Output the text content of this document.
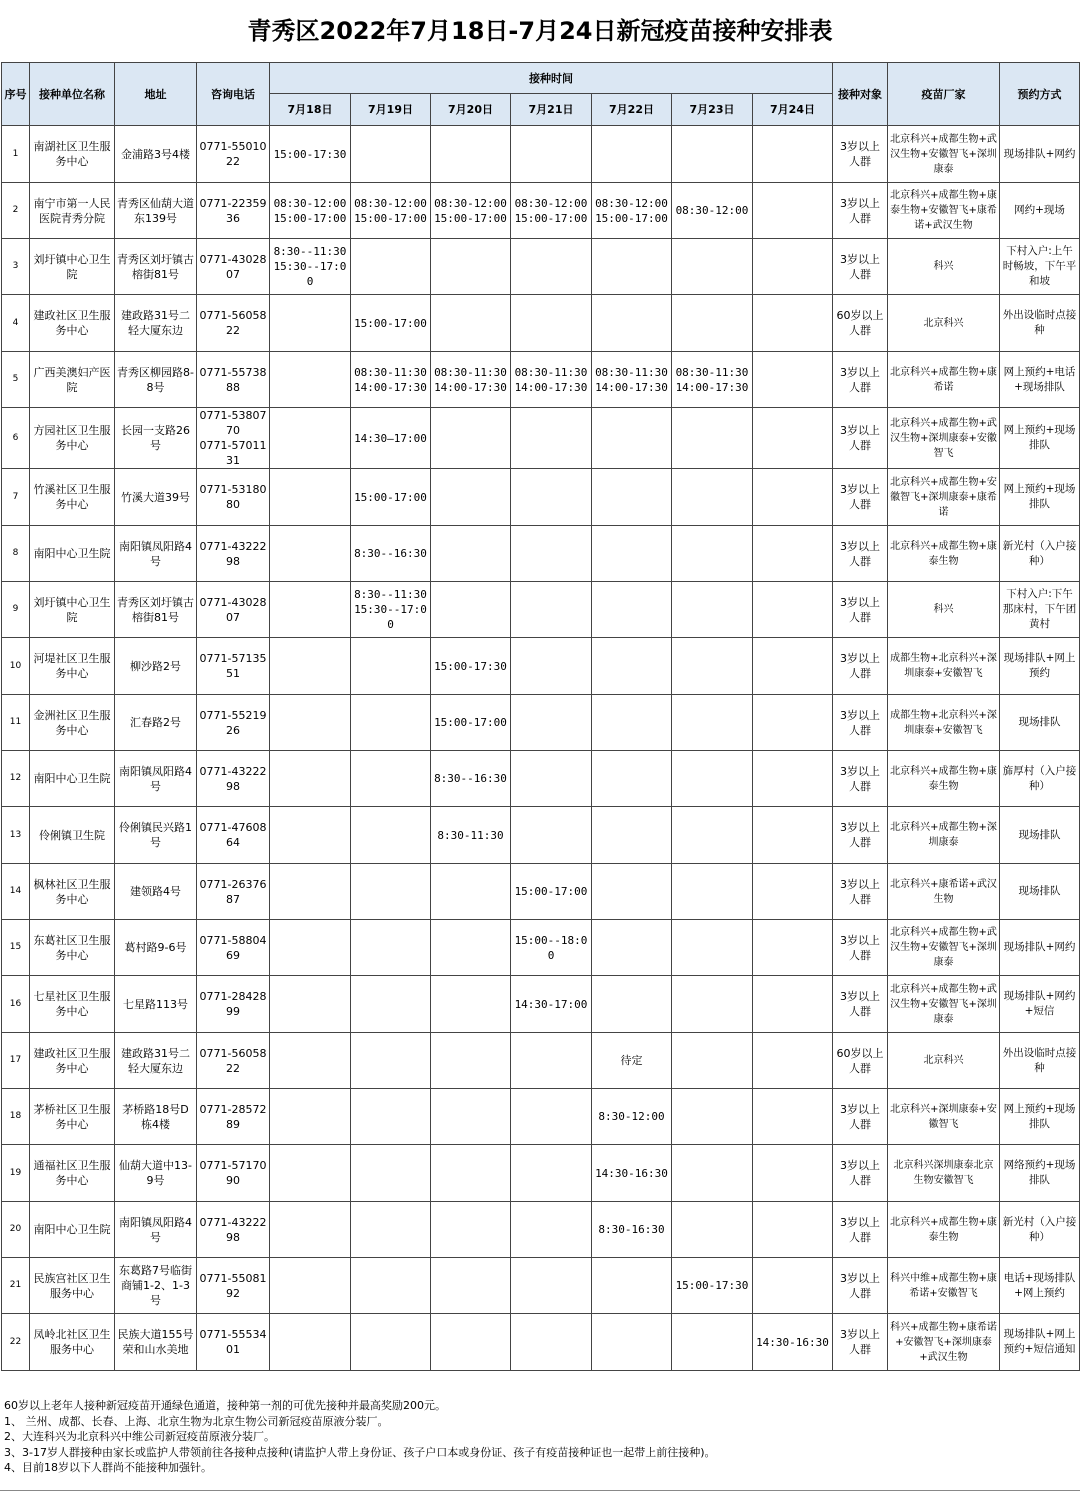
青秀区2022年7月18日-7月24日新冠疫苗接种安排表
序号	接种单位名称	地址	咨询电话	接种时间							接种对象	疫苗厂家	预约方式
				7月18日	7月19日	7月20日	7月21日	7月22日	7月23日	7月24日			
1	南湖社区卫生服务中心	金浦路3号4楼	0771-5501022	15:00-17:30							3岁以上人群	北京科兴+成都生物+武汉生物+安徽智飞+深圳康泰	现场排队+网约
2	南宁市第一人民医院青秀分院	青秀区仙葫大道东139号	0771-2235936	08:30-12:00
15:00-17:00	08:30-12:00
15:00-17:00	08:30-12:00
15:00-17:00	08:30-12:00
15:00-17:00	08:30-12:00
15:00-17:00	08:30-12:00		3岁以上人群	北京科兴+成都生物+康泰生物+安徽智飞+康希诺+武汉生物	网约+现场
3	刘圩镇中心卫生院	青秀区刘圩镇古榕街81号	0771-4302807	8:30--11:30
15:30--17:00							3岁以上人群	科兴	下村入户:上午时畅坡，下午平和坡
4	建政社区卫生服务中心	建政路31号二轻大厦东边	0771-5605822		15:00-17:00						60岁以上人群	北京科兴	外出设临时点接种
5	广西美澳妇产医院	青秀区柳园路8-8号	0771-5573888		08:30-11:30
14:00-17:30	08:30-11:30
14:00-17:30	08:30-11:30
14:00-17:30	08:30-11:30
14:00-17:30	08:30-11:30
14:00-17:30		3岁以上人群	北京科兴+成都生物+康希诺	网上预约+电话+现场排队
6	方园社区卫生服务中心	长园一支路26号	0771-5380770
0771-5701131		14:30—17:00						3岁以上人群	北京科兴+成都生物+武汉生物+深圳康泰+安徽智飞	网上预约+现场排队
7	竹溪社区卫生服务中心	竹溪大道39号	0771-5318080		15:00-17:00						3岁以上人群	北京科兴+成都生物+安徽智飞+深圳康泰+康希诺	网上预约+现场排队
8	南阳中心卫生院	南阳镇凤阳路4号	0771-4322298		8:30--16:30						3岁以上人群	北京科兴+成都生物+康泰生物	新光村（入户接种）
9	刘圩镇中心卫生院	青秀区刘圩镇古榕街81号	0771-4302807		8:30--11:30
15:30--17:00						3岁以上人群	科兴	下村入户:下午那床村，下午团黄村
10	河堤社区卫生服务中心	柳沙路2号	0771-5713551			15:00-17:30					3岁以上人群	成都生物+北京科兴+深圳康泰+安徽智飞	现场排队+网上预约
11	金洲社区卫生服务中心	汇春路2号	0771-5521926			15:00-17:00					3岁以上人群	成都生物+北京科兴+深圳康泰+安徽智飞	现场排队
12	南阳中心卫生院	南阳镇凤阳路4号	0771-4322298			8:30--16:30					3岁以上人群	北京科兴+成都生物+康泰生物	旆厚村（入户接种）
13	伶俐镇卫生院	伶俐镇民兴路1号	0771-4760864			8:30-11:30					3岁以上人群	北京科兴+成都生物+深圳康泰	现场排队
14	枫林社区卫生服务中心	建领路4号	0771-2637687				15:00-17:00				3岁以上人群	北京科兴+康希诺+武汉生物	现场排队
15	东葛社区卫生服务中心	葛村路9-6号	0771-5880469				15:00--18:00				3岁以上人群	北京科兴+成都生物+武汉生物+安徽智飞+深圳康泰	现场排队+网约
16	七星社区卫生服务中心	七星路113号	0771-2842899				14:30-17:00				3岁以上人群	北京科兴+成都生物+武汉生物+安徽智飞+深圳康泰	现场排队+网约+短信
17	建政社区卫生服务中心	建政路31号二轻大厦东边	0771-5605822					待定			60岁以上人群	北京科兴	外出设临时点接种
18	茅桥社区卫生服务中心	茅桥路18号D栋4楼	0771-2857289					8:30-12:00			3岁以上人群	北京科兴+深圳康泰+安徽智飞	网上预约+现场排队
19	通福社区卫生服务中心	仙葫大道中13-9号	0771-5717090					14:30-16:30			3岁以上人群	北京科兴深圳康泰北京生物安徽智飞	网络预约+现场排队
20	南阳中心卫生院	南阳镇凤阳路4号	0771-4322298					8:30-16:30			3岁以上人群	北京科兴+成都生物+康泰生物	新光村（入户接种）
21	民族宫社区卫生服务中心	东葛路7号临街商铺1-2、1-3 号	0771-5508192						15:00-17:30		3岁以上人群	科兴中维+成都生物+康希诺+安徽智飞	电话+现场排队+网上预约
22	凤岭北社区卫生服务中心	民族大道155号荣和山水美地	0771-5553401							14:30-16:30	3岁以上人群	科兴+成都生物+康希诺+安徽智飞+深圳康泰+武汉生物	现场排队+网上预约+短信通知
60岁以上老年人接种新冠疫苗开通绿色通道，接种第一剂的可优先接种并最高奖励200元。
1、 兰州、成都、长春、上海、北京生物为北京生物公司新冠疫苗原液分装厂。
2、大连科兴为北京科兴中维公司新冠疫苗原液分装厂。
3、3-17岁人群接种由家长或监护人带领前往各接种点接种(请监护人带上身份证、孩子户口本或身份证、孩子有疫苗接种证也一起带上前往接种)。
4、目前18岁以下人群尚不能接种加强针。
